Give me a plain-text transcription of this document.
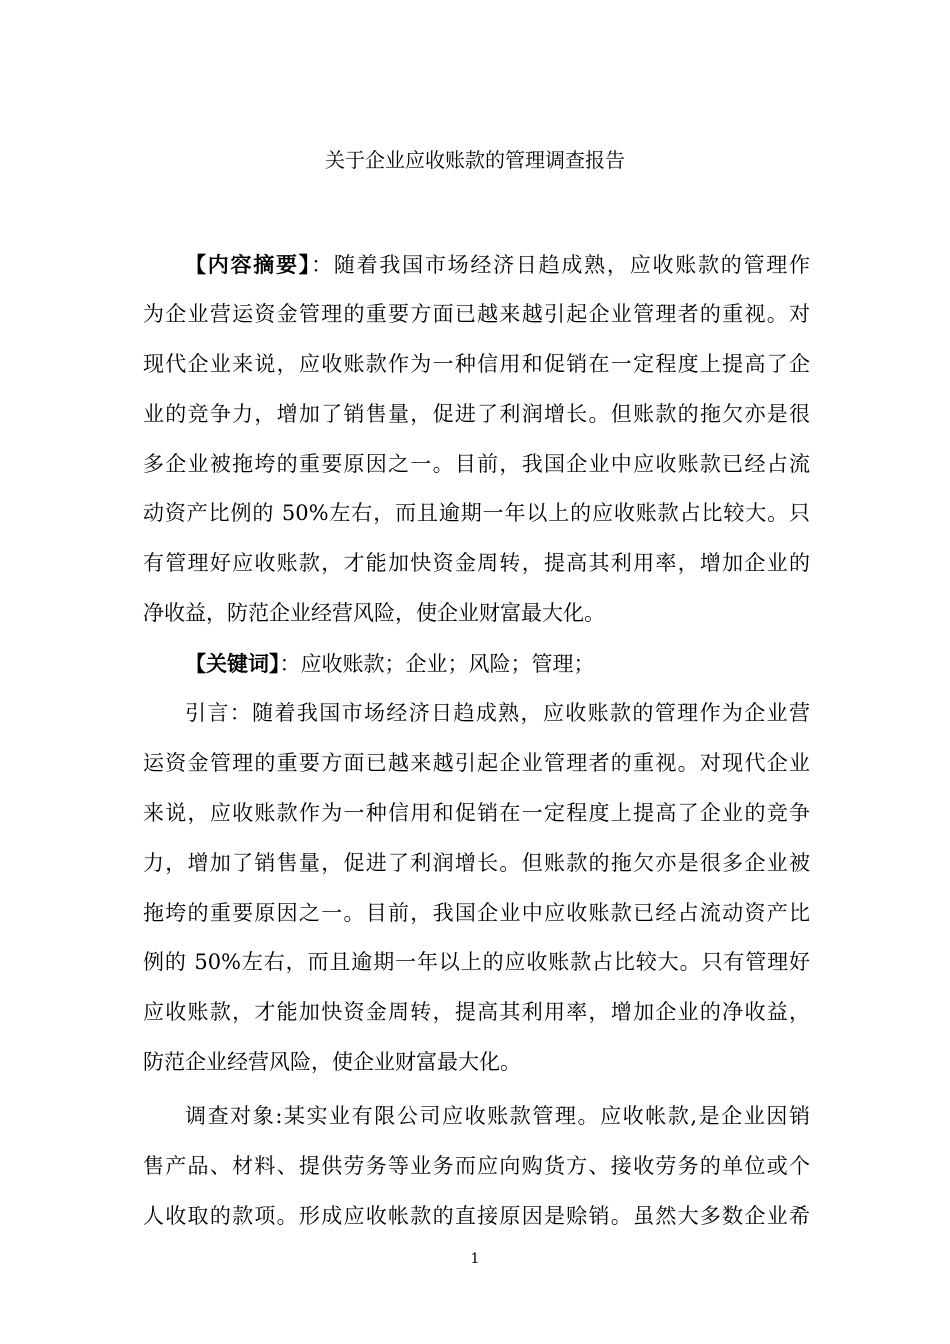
关于企业应收账款的管理调查报告
【内容摘要】：随着我国市场经济日趋成熟，应收账款的管理作
为企业营运资金管理的重要方面已越来越引起企业管理者的重视。对
现代企业来说，应收账款作为一种信用和促销在一定程度上提高了企
业的竞争力，增加了销售量，促进了利润增长。但账款的拖欠亦是很
多企业被拖垮的重要原因之一。目前，我国企业中应收账款已经占流
动资产比例的 50%左右，而且逾期一年以上的应收账款占比较大。只
有管理好应收账款，才能加快资金周转，提高其利用率，增加企业的
净收益，防范企业经营风险，使企业财富最大化。
【关键词】：应收账款；企业；风险；管理；
引言：随着我国市场经济日趋成熟，应收账款的管理作为企业营
运资金管理的重要方面已越来越引起企业管理者的重视。对现代企业
来说，应收账款作为一种信用和促销在一定程度上提高了企业的竞争
力，增加了销售量，促进了利润增长。但账款的拖欠亦是很多企业被
拖垮的重要原因之一。目前，我国企业中应收账款已经占流动资产比
例的 50%左右，而且逾期一年以上的应收账款占比较大。只有管理好
应收账款，才能加快资金周转，提高其利用率，增加企业的净收益，
防范企业经营风险，使企业财富最大化。
调查对象:某实业有限公司应收账款管理。应收帐款,是企业因销
售产品、材料、提供劳务等业务而应向购货方、接收劳务的单位或个
人收取的款项。形成应收帐款的直接原因是赊销。虽然大多数企业希
1
